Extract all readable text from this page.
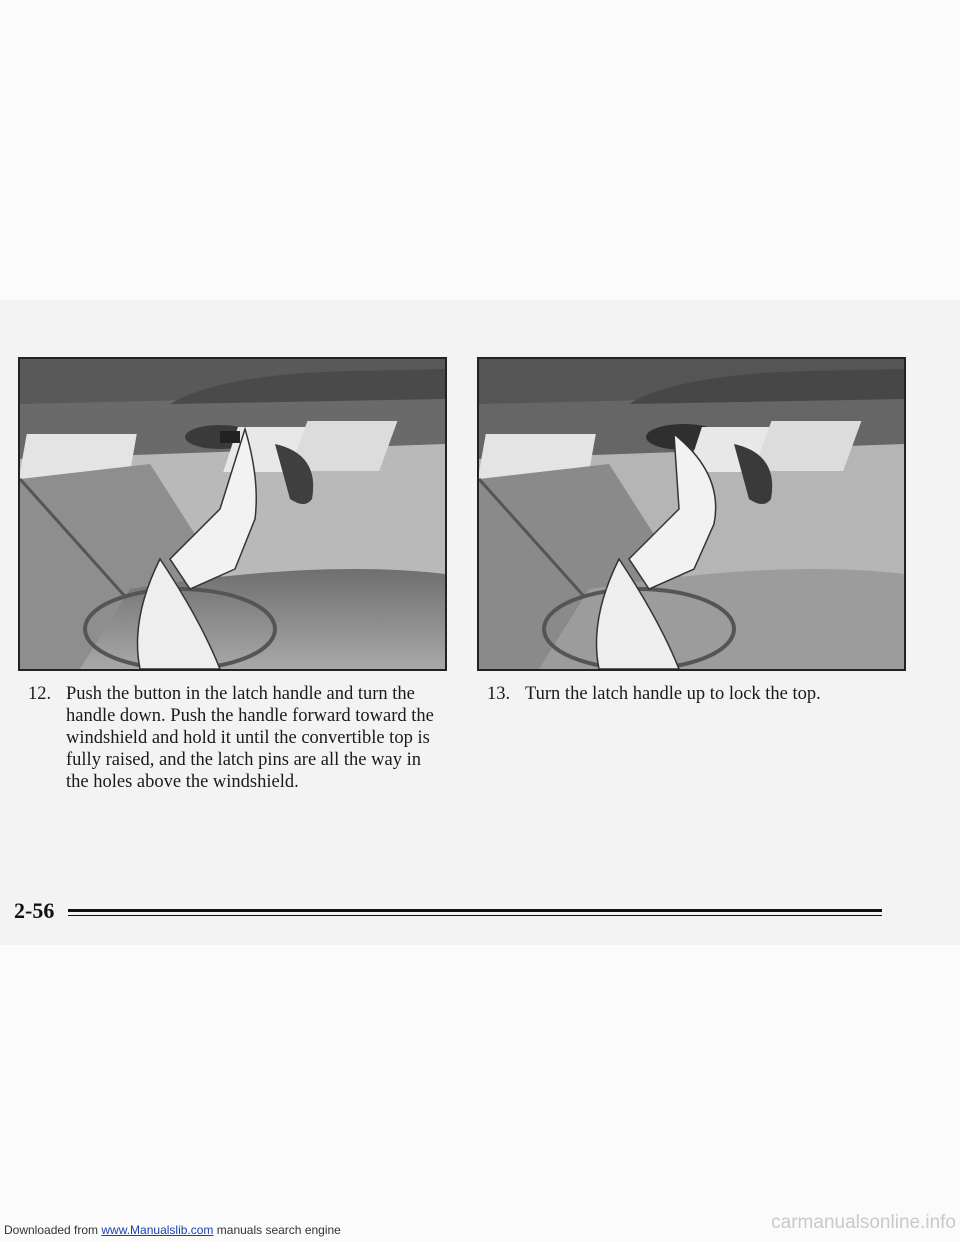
12. Push the button in the latch handle and turn the handle down. Push the handle forward toward the windshield and hold it until the convertible top is fully raised, and the latch pins are all the way in the holes above the windshield.
13. Turn the latch handle up to lock the top.
2-56
Downloaded from www.Manualslib.com manuals search engine	carmanualsonline.info
